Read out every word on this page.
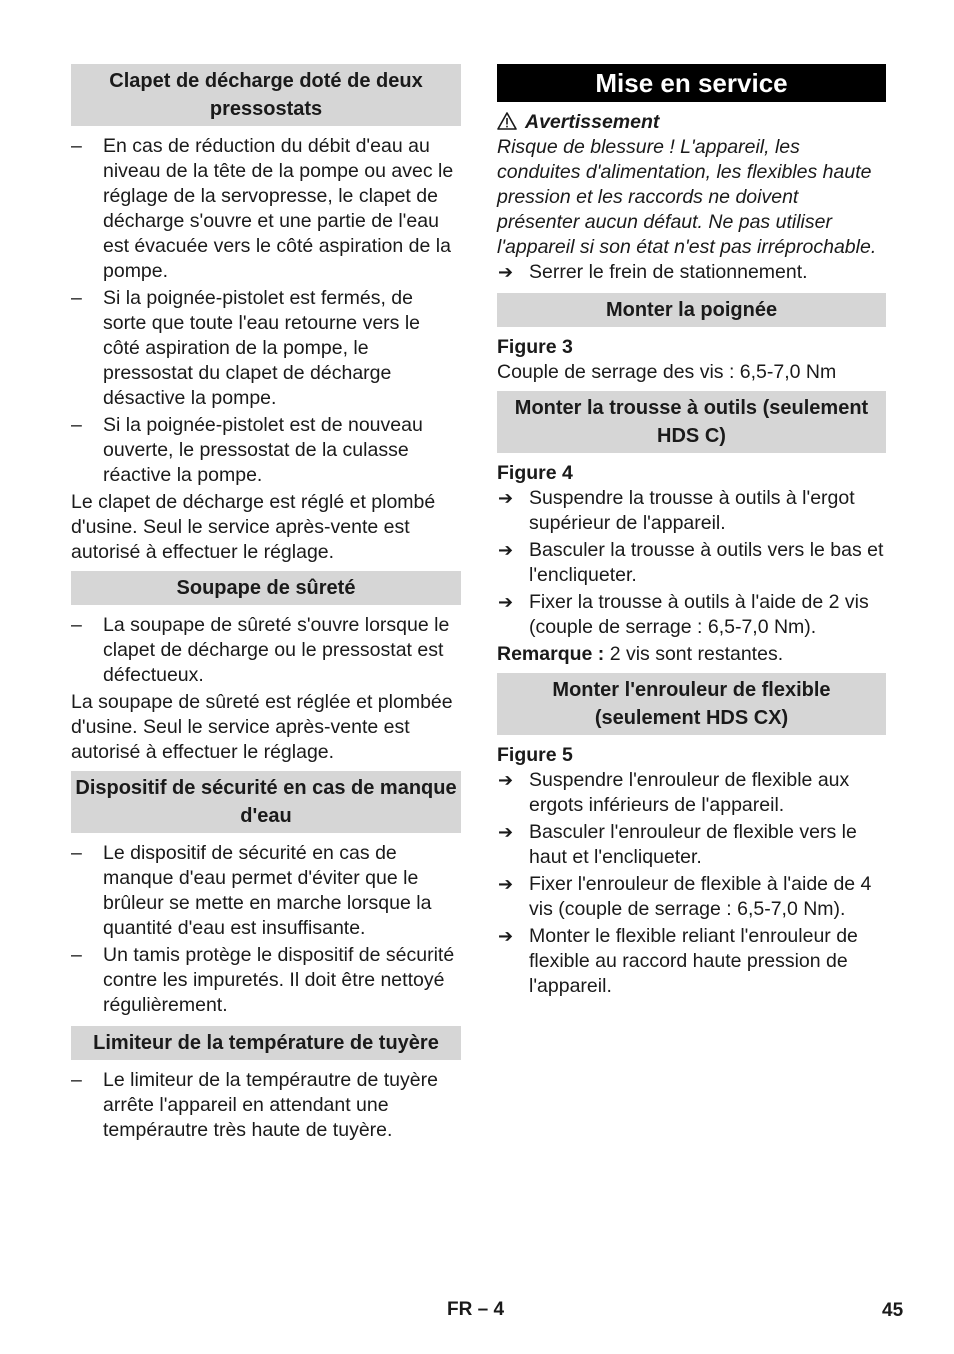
Clapet de décharge doté de deux pressostats
– En cas de réduction du débit d'eau au niveau de la tête de la pompe ou avec le réglage de la servopresse, le clapet de décharge s'ouvre et une partie de l'eau est évacuée vers le côté aspiration de la pompe.
– Si la poignée-pistolet est fermés, de sorte que toute l'eau retourne vers le côté aspiration de la pompe, le pressostat du clapet de décharge désactive la pompe.
– Si la poignée-pistolet est de nouveau ouverte, le pressostat de la culasse réactive la pompe.

Le clapet de décharge est réglé et plombé d'usine. Seul le service après-vente est autorisé à effectuer le réglage.

Soupape de sûreté
– La soupape de sûreté s'ouvre lorsque le clapet de décharge ou le pressostat est défectueux.

La soupape de sûreté est réglée et plombée d'usine. Seul le service après-vente est autorisé à effectuer le réglage.

Dispositif de sécurité en cas de manque d'eau
– Le dispositif de sécurité en cas de manque d'eau permet d'éviter que le brûleur se mette en marche lorsque la quantité d'eau est insuffisante.
– Un tamis protège le dispositif de sécurité contre les impuretés. Il doit être nettoyé régulièrement.
Limiteur de la température de tuyère
– Le limiteur de la tempérautre de tuyère arrête l'appareil en attendant une tempérautre très haute de tuyère.
Mise en service
Avertissement

Risque de blessure ! L'appareil, les conduites d'alimentation, les flexibles haute pression et les raccords ne doivent présenter aucun défaut. Ne pas utiliser l'appareil si son état n'est pas irréprochable.

➔ Serrer le frein de stationnement.
Monter la poignée
Figure 3

Couple de serrage des vis : 6,5-7,0 Nm

Monter la trousse à outils (seulement HDS C)
Figure 4
➔ Suspendre la trousse à outils à l'ergot supérieur de l'appareil.
➔ Basculer la trousse à outils vers le bas et l'encliqueter.
➔ Fixer la trousse à outils à l'aide de 2 vis (couple de serrage : 6,5-7,0 Nm).

Remarque : 2 vis sont restantes.

Monter l'enrouleur de flexible (seulement HDS CX)
Figure 5
➔ Suspendre l'enrouleur de flexible aux ergots inférieurs de l'appareil.
➔ Basculer l'enrouleur de flexible vers le haut et l'encliqueter.
➔ Fixer l'enrouleur de flexible à l'aide de 4 vis (couple de serrage : 6,5-7,0 Nm).
➔ Monter le flexible reliant l'enrouleur de flexible au raccord haute pression de l'appareil.
FR – 4	45
